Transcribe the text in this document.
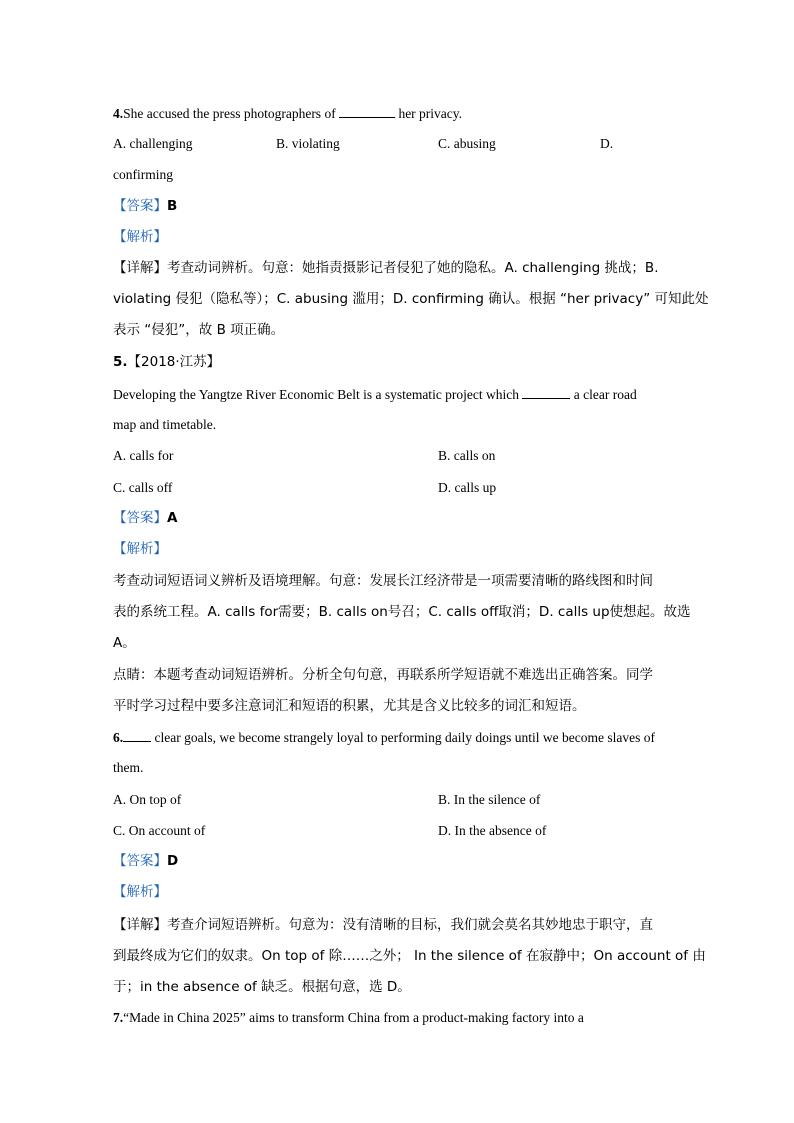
4.She accused the press photographers of	her privacy.
A. challenging	B. violating	C. abusing	D.
confirming
【答案】B
【解析】
【详解】考查动词辨析。句意：她指责摄影记者侵犯了她的隐私。A. challenging 挑战；B.
violating 侵犯（隐私等）；C. abusing 滥用；D. confirming 确认。根据 “her privacy” 可知此处
表示 “侵犯”，故 B 项正确。
5.【2018·江苏】
Developing the Yangtze River Economic Belt is a systematic project which	a clear road
map and timetable.
A. calls for	B. calls on
C. calls off	D. calls up
【答案】A
【解析】
考查动词短语词义辨析及语境理解。句意：发展长江经济带是一项需要清晰的路线图和时间
表的系统工程。A. calls for需要；B. calls on号召；C. calls off取消；D. calls up使想起。故选
A。
点睛：本题考查动词短语辨析。分析全句句意，再联系所学短语就不难选出正确答案。同学
平时学习过程中要多注意词汇和短语的积累，尤其是含义比较多的词汇和短语。
6. clear goals, we become strangely loyal to performing daily doings until we become slaves of
them.
A. On top of	B. In the silence of
C. On account of	D. In the absence of
【答案】D
【解析】
【详解】考查介词短语辨析。句意为：没有清晰的目标，我们就会莫名其妙地忠于职守，直
到最终成为它们的奴隶。On top of 除……之外； In the silence of 在寂静中；On account of 由
于；in the absence of 缺乏。根据句意，选 D。
7.“Made in China 2025” aims to transform China from a product-making factory into a
